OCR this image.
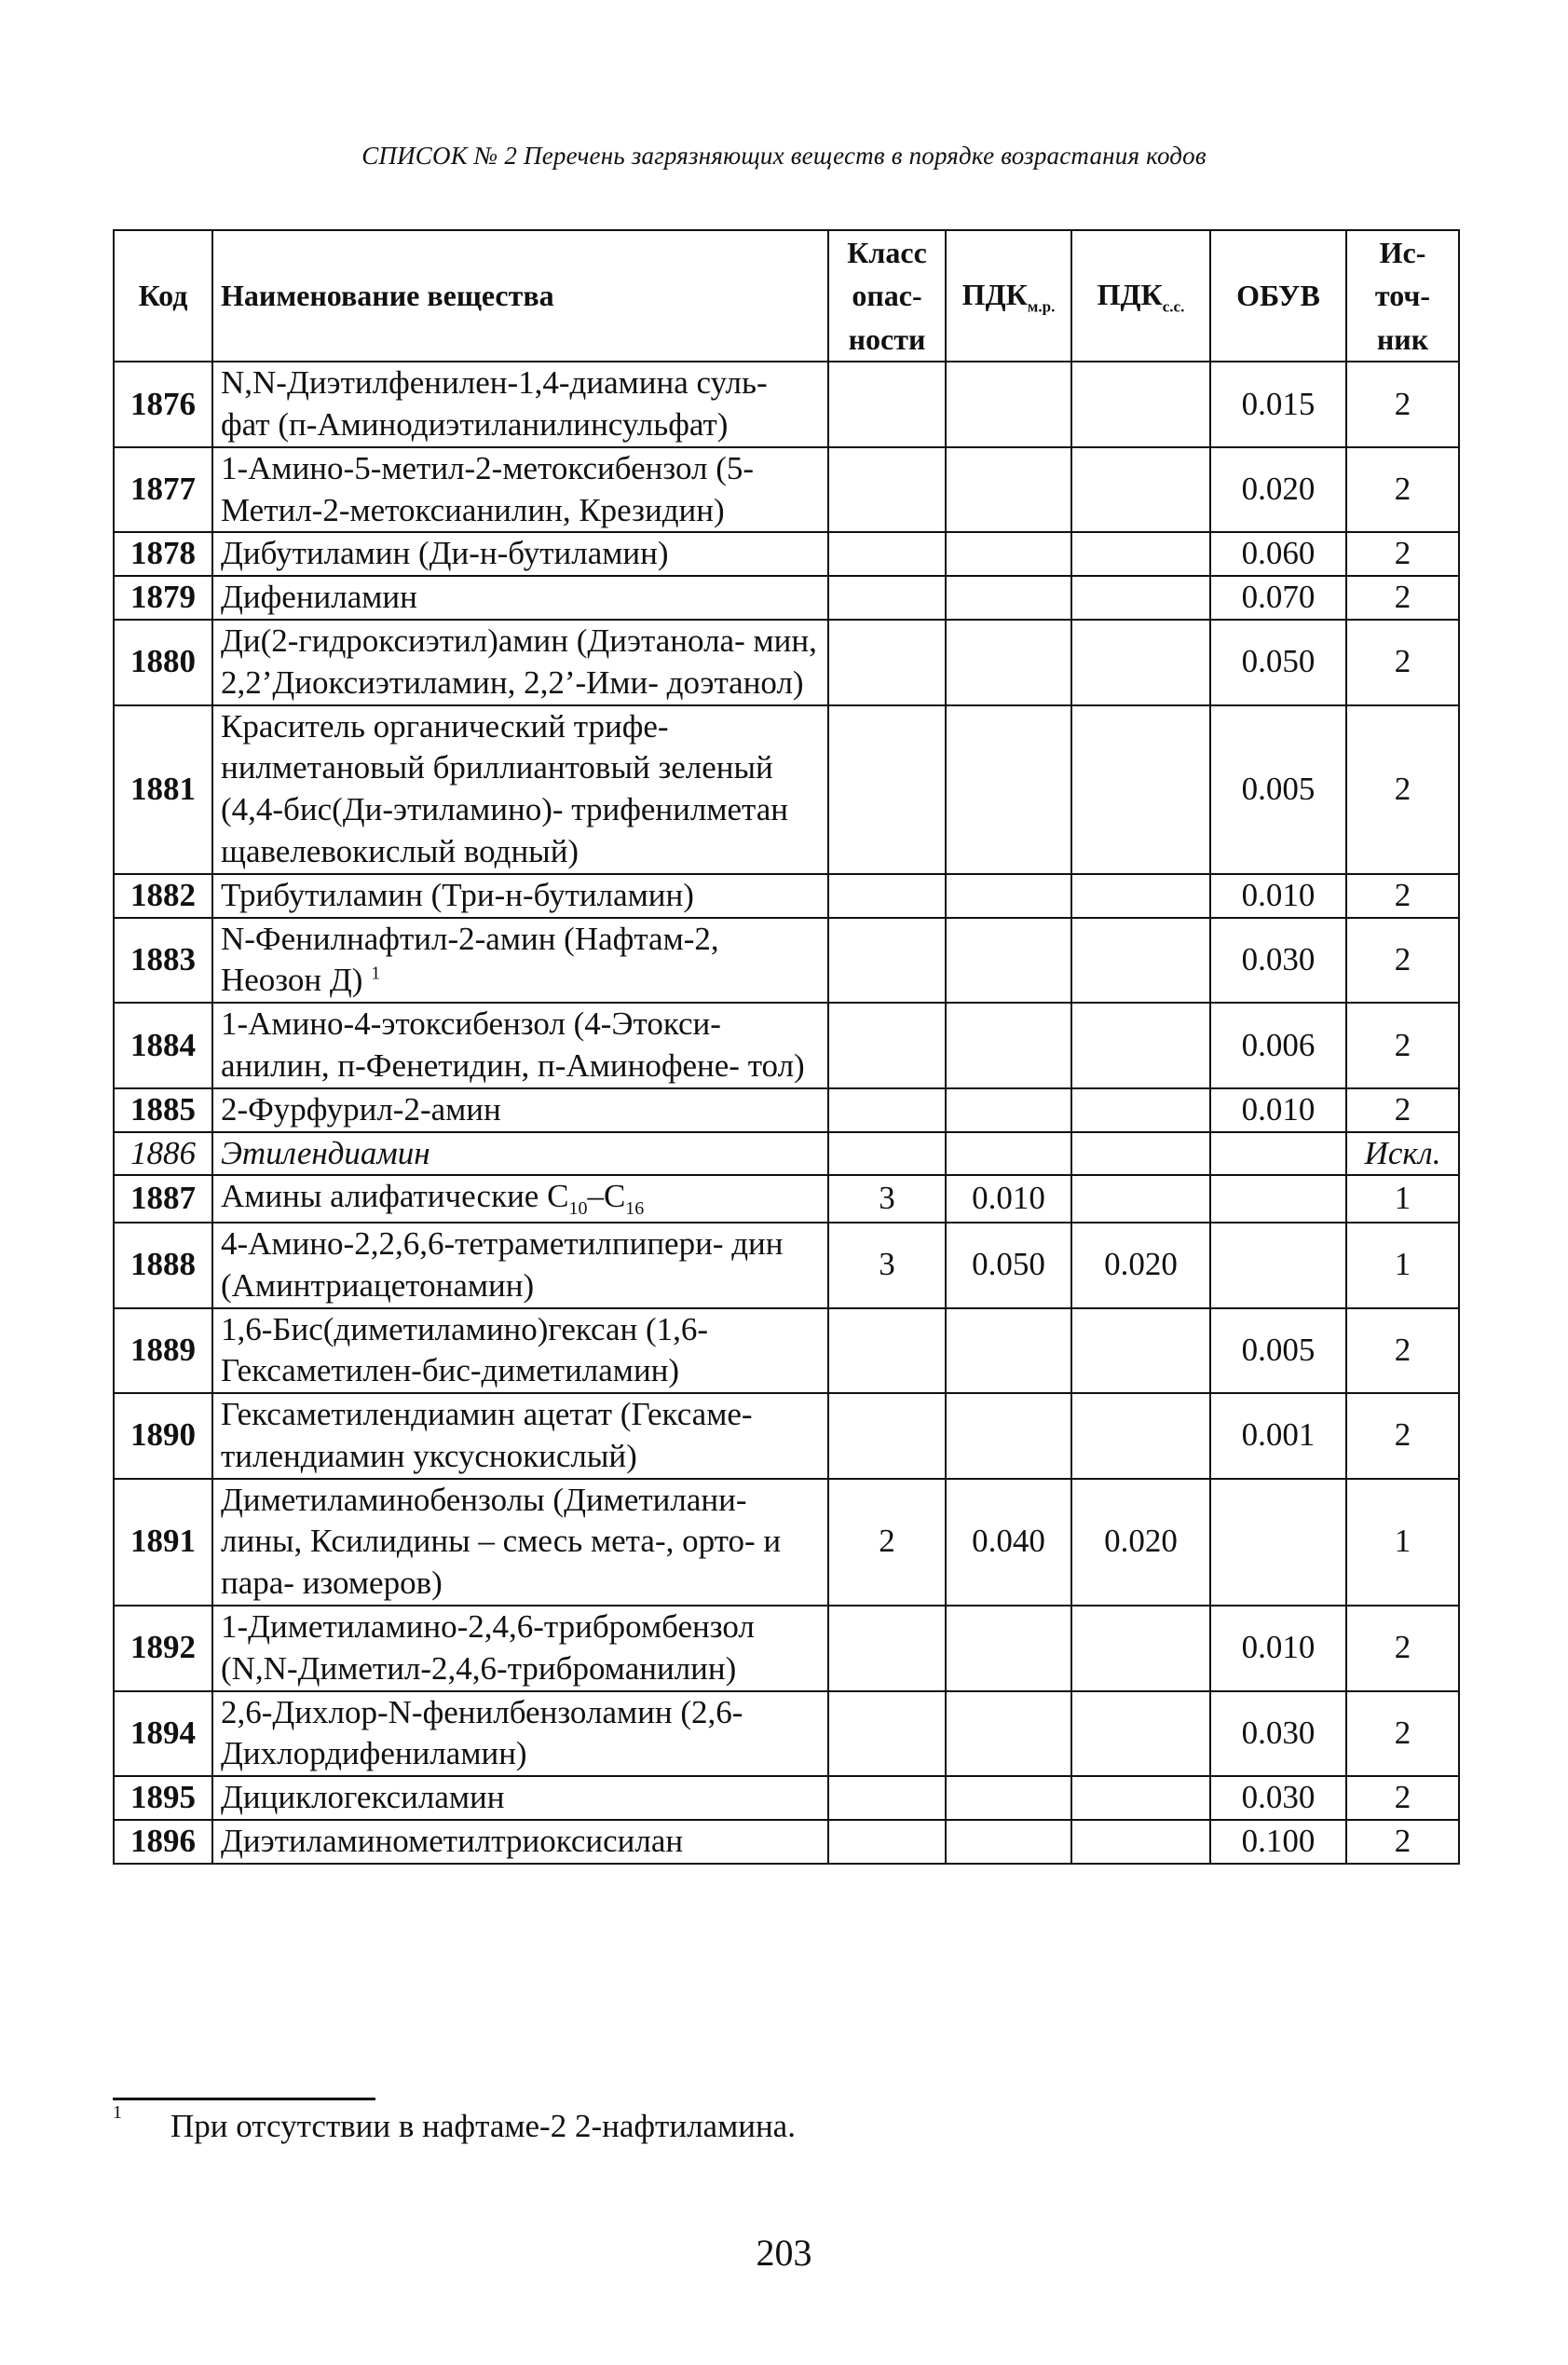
СПИСОК № 2 Перечень загрязняющих веществ в порядке возрастания кодов
Код	Наименование вещества	Класс опас- ности	$ПДК_{м.р.}$	$ПДК_{с.с.}$	ОБУВ	Ис- точ- ник
1876	N,N-Диэтилфенилен-1,4-диамина суль- фат (п-Аминодиэтиланилинсульфат)				0.015	2
1877	1-Амино-5-метил-2-метоксибензол (5-Метил-2-метоксианилин, Крезидин)				0.020	2
1878	Дибутиламин (Ди-н-бутиламин)				0.060	2
1879	Дифениламин				0.070	2
1880	Ди(2-гидроксиэтил)амин (Диэтанола- мин, 2,2’Диоксиэтиламин, 2,2’-Ими- доэтанол)				0.050	2
1881	Краситель органический трифе- нилметановый бриллиантовый зеленый (4,4-бис(Ди-этиламино)- трифенилметан щавелевокислый водный)				0.005	2
1882	Трибутиламин (Три-н-бутиламин)				0.010	2
1883	N-Фенилнафтил-2-амин (Нафтам-2, Неозон Д) $^1$				0.030	2
1884	1-Амино-4-этоксибензол (4-Этокси- анилин, п-Фенетидин, п-Аминофене- тол)				0.006	2
1885	2-Фурфурил-2-амин				0.010	2
1886	Этилендиамин					Искл.
1887	Амины алифатические $C_{10}-C_{16}$	3	0.010			1
1888	4-Амино-2,2,6,6-тетраметилпипери- дин (Аминтриацетонамин)	3	0.050	0.020		1
1889	1,6-Бис(диметиламино)гексан (1,6-Гексаметилен-бис-диметиламин)				0.005	2
1890	Гексаметилендиамин ацетат (Гексаме- тилендиамин уксуснокислый)				0.001	2
1891	Диметиламинобензолы (Диметилани- лины, Ксилидины – смесь мета-, орто- и пара- изомеров)	2	0.040	0.020		1
1892	1-Диметиламино-2,4,6-трибромбензол (N,N-Диметил-2,4,6-триброманилин)				0.010	2
1894	2,6-Дихлор-N-фенилбензоламин (2,6-Дихлордифениламин)				0.030	2
1895	Дициклогексиламин				0.030	2
1896	Диэтиламинометилтриоксисилан				0.100	2
1 При отсутствии в нафтаме-2 2-нафтиламина.
203
